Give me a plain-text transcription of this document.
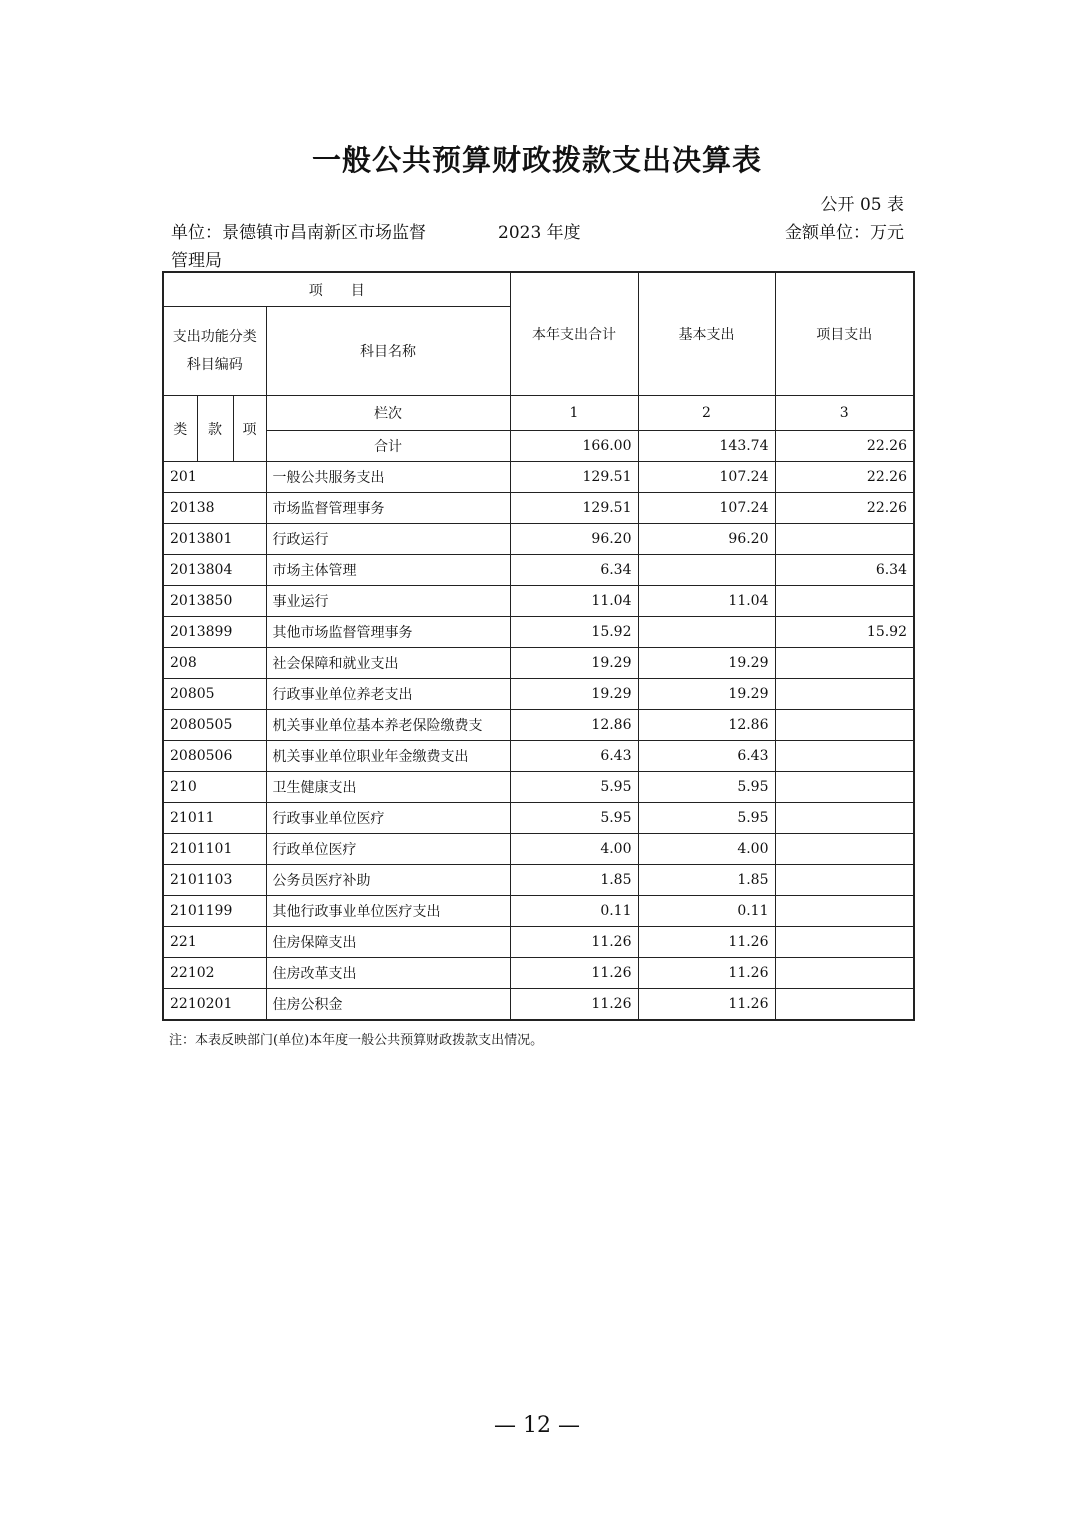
一般公共预算财政拨款支出决算表
公开 05 表
单位：景德镇市昌南新区市场监督
管理局
2023 年度	金额单位：万元
项　　目				本年支出合计	基本支出	项目支出
支出功能分类科目编码			科目名称			
类	款	项	栏次	1	2	3
			合计	166.00	143.74	22.26
201			一般公共服务支出	129.51	107.24	22.26
20138			市场监督管理事务	129.51	107.24	22.26
2013801			行政运行	96.20	96.20	
2013804			市场主体管理	6.34		6.34
2013850			事业运行	11.04	11.04	
2013899			其他市场监督管理事务	15.92		15.92
208			社会保障和就业支出	19.29	19.29	
20805			行政事业单位养老支出	19.29	19.29	
2080505			机关事业单位基本养老保险缴费支	12.86	12.86	
2080506			机关事业单位职业年金缴费支出	6.43	6.43	
210			卫生健康支出	5.95	5.95	
21011			行政事业单位医疗	5.95	5.95	
2101101			行政单位医疗	4.00	4.00	
2101103			公务员医疗补助	1.85	1.85	
2101199			其他行政事业单位医疗支出	0.11	0.11	
221			住房保障支出	11.26	11.26	
22102			住房改革支出	11.26	11.26	
2210201			住房公积金	11.26	11.26	
注：本表反映部门(单位)本年度一般公共预算财政拨款支出情况。
— 12 —
